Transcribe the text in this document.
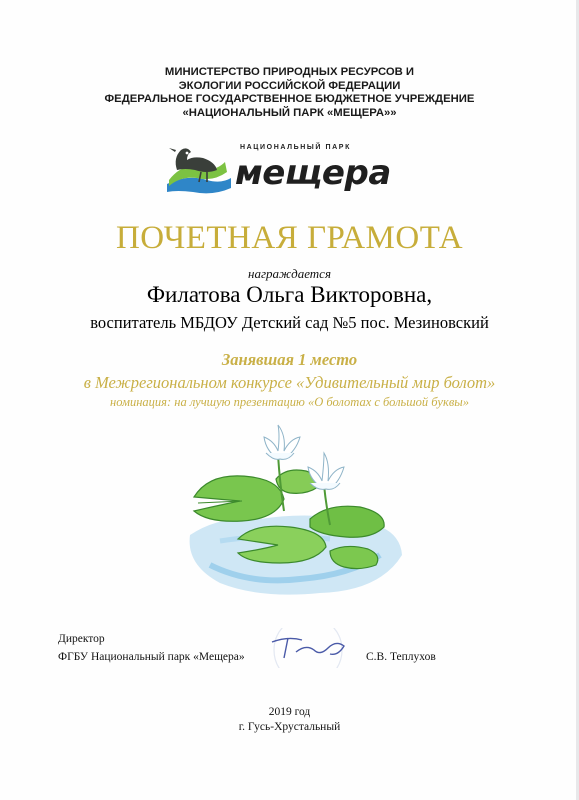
МИНИСТЕРСТВО ПРИРОДНЫХ РЕСУРСОВ И
ЭКОЛОГИИ РОССИЙСКОЙ ФЕДЕРАЦИИ
ФЕДЕРАЛЬНОЕ ГОСУДАРСТВЕННОЕ БЮДЖЕТНОЕ УЧРЕЖДЕНИЕ
«НАЦИОНАЛЬНЫЙ ПАРК «МЕЩЕРА»»
НАЦИОНАЛЬНЫЙ ПАРК
мещера
ПОЧЕТНАЯ ГРАМОТА
награждается
Филатова Ольга Викторовна,
воспитатель МБДОУ Детский сад №5 пос. Мезиновский
Занявшая 1 место
в Межрегиональном конкурсе «Удивительный мир болот»
номинация: на лучшую презентацию «О болотах с большой буквы»
Директор
ФГБУ Национальный парк «Мещера»	С.В. Теплухов
2019 год
г. Гусь-Хрустальный
